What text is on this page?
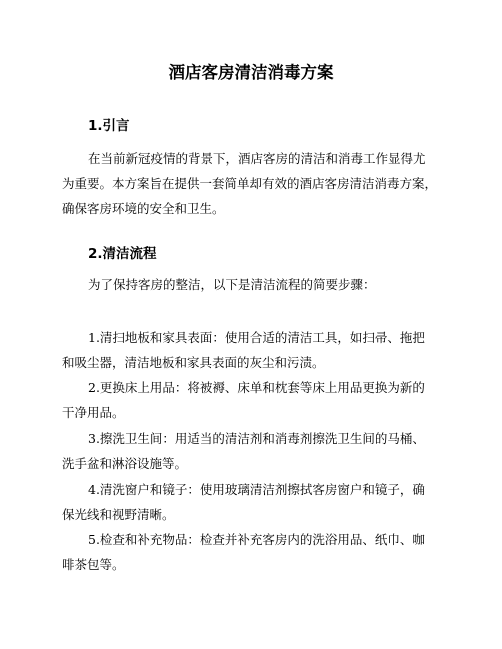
酒店客房清洁消毒方案
1.引言
在当前新冠疫情的背景下，酒店客房的清洁和消毒工作显得尤
为重要。本方案旨在提供一套简单却有效的酒店客房清洁消毒方案，
确保客房环境的安全和卫生。
2.清洁流程
为了保持客房的整洁，以下是清洁流程的简要步骤：
1.清扫地板和家具表面：使用合适的清洁工具，如扫帚、拖把
和吸尘器，清洁地板和家具表面的灰尘和污渍。
2.更换床上用品：将被褥、床单和枕套等床上用品更换为新的
干净用品。
3.擦洗卫生间：用适当的清洁剂和消毒剂擦洗卫生间的马桶、
洗手盆和淋浴设施等。
4.清洗窗户和镜子：使用玻璃清洁剂擦拭客房窗户和镜子，确
保光线和视野清晰。
5.检查和补充物品：检查并补充客房内的洗浴用品、纸巾、咖
啡茶包等。
